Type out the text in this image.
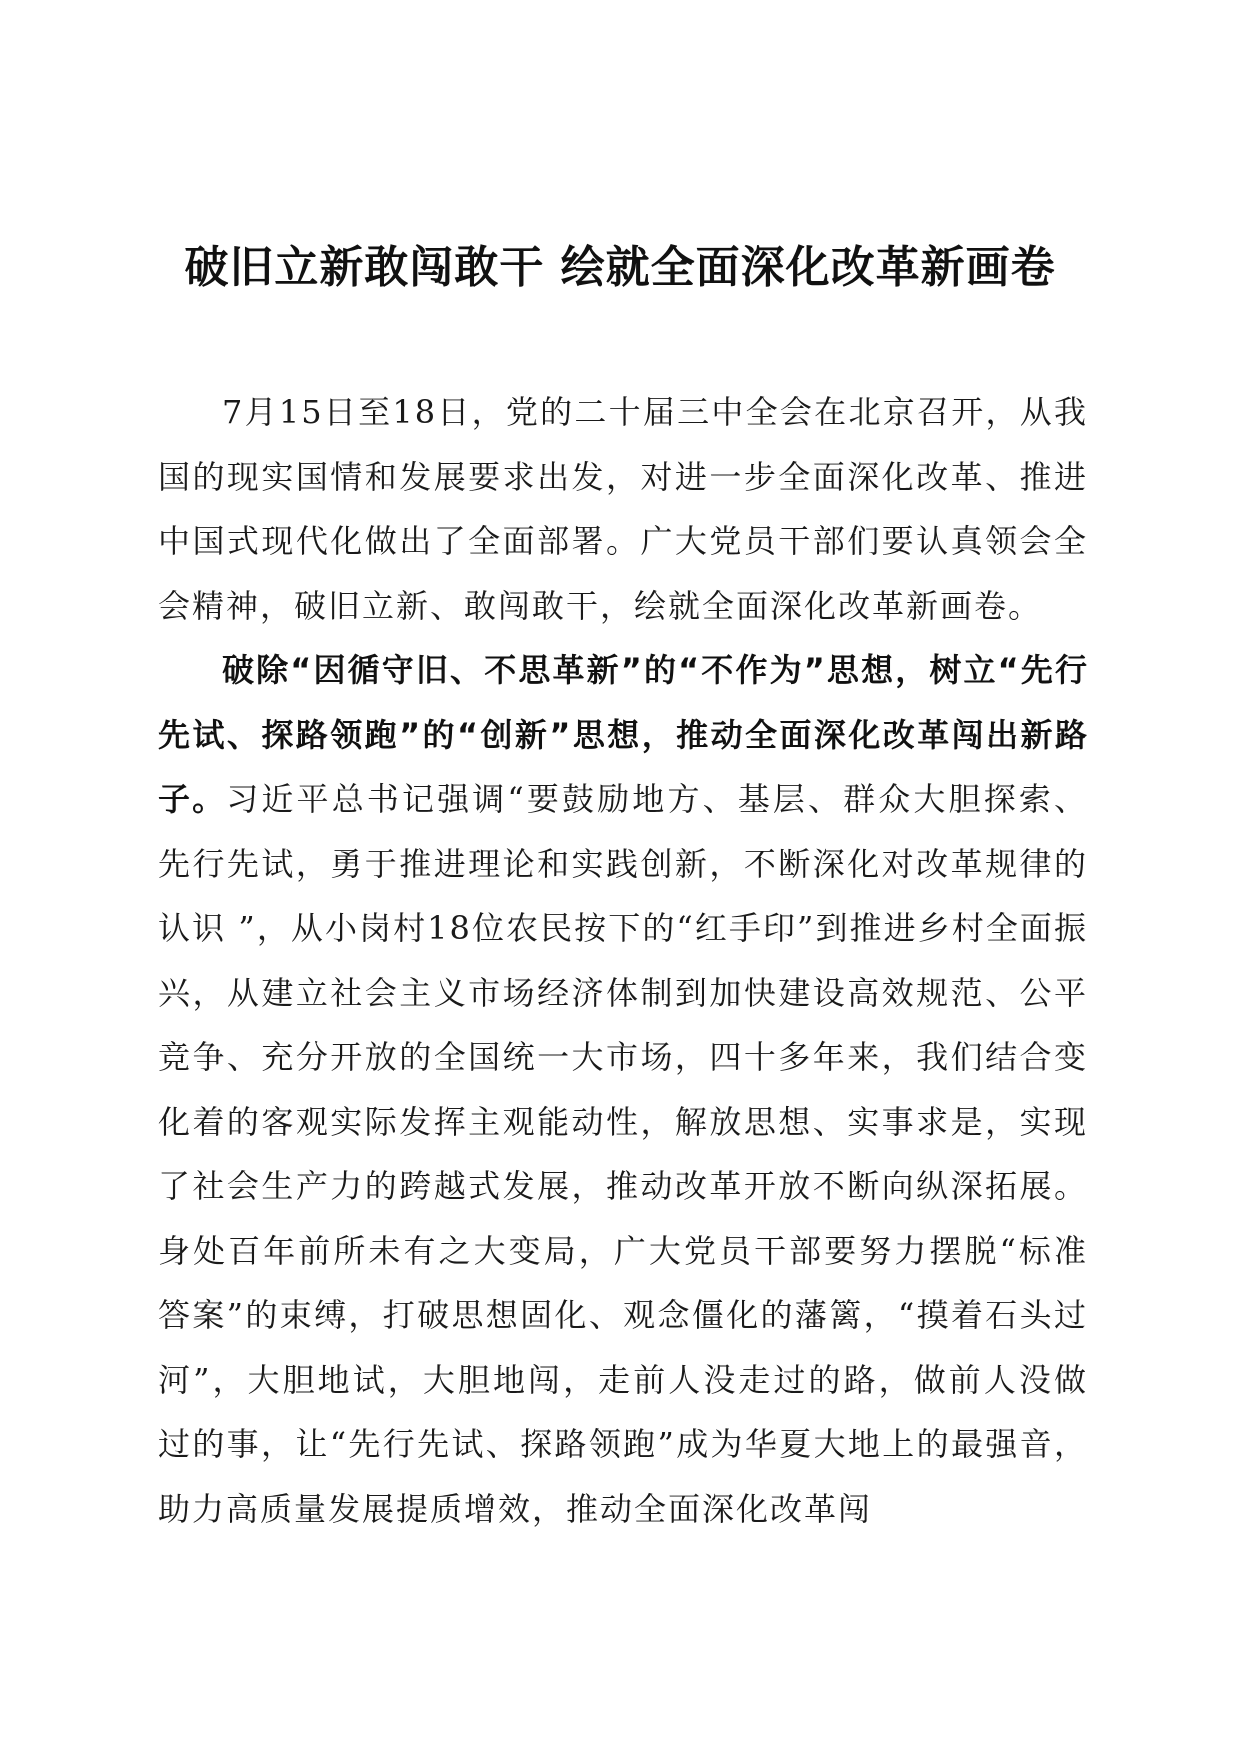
破旧立新敢闯敢干 绘就全面深化改革新画卷

7月15日至18日，党的二十届三中全会在北京召开，从我国的现实国情和发展要求出发，对进一步全面深化改革、推进中国式现代化做出了全面部署。广大党员干部们要认真领会全会精神，破旧立新、敢闯敢干，绘就全面深化改革新画卷。

破除“因循守旧、不思革新”的“不作为”思想，树立“先行先试、探路领跑”的“创新”思想，推动全面深化改革闯出新路子。习近平总书记强调“要鼓励地方、基层、群众大胆探索、先行先试，勇于推进理论和实践创新，不断深化对改革规律的认识 ”，从小岗村18位农民按下的“红手印”到推进乡村全面振兴，从建立社会主义市场经济体制到加快建设高效规范、公平竞争、充分开放的全国统一大市场，四十多年来，我们结合变化着的客观实际发挥主观能动性，解放思想、实事求是，实现了社会生产力的跨越式发展，推动改革开放不断向纵深拓展。身处百年前所未有之大变局，广大党员干部要努力摆脱“标准答案”的束缚，打破思想固化、观念僵化的藩篱，“摸着石头过河”，大胆地试，大胆地闯，走前人没走过的路，做前人没做过的事，让“先行先试、探路领跑”成为华夏大地上的最强音，助力高质量发展提质增效，推动全面深化改革闯
